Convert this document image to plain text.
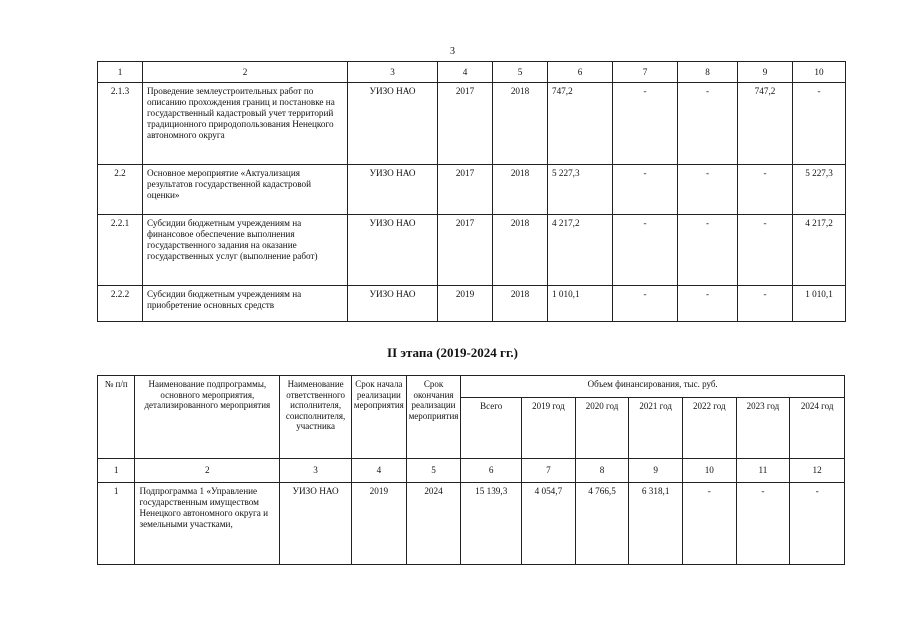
3
1	2	3	4	5	6	7	8	9	10
2.1.3	Проведение землеустроительных работ по описанию прохождения границ и постановке на государственный кадастровый учет территорий традиционного природопользования Ненецкого автономного округа	УИЗО НАО	2017	2018	747,2	-	-	747,2	-
2.2	Основное мероприятие «Актуализация результатов государственной кадастровой оценки»	УИЗО НАО	2017	2018	5 227,3	-	-	-	5 227,3
2.2.1	Субсидии бюджетным учреждениям на финансовое обеспечение выполнения государственного задания на оказание государственных услуг (выполнение работ)	УИЗО НАО	2017	2018	4 217,2	-	-	-	4 217,2
2.2.2	Субсидии бюджетным учреждениям на приобретение основных средств	УИЗО НАО	2019	2018	1 010,1	-	-	-	1 010,1
II этапа (2019-2024 гг.)
№ п/п	Наименование подпрограммы, основного мероприятия, детализированного мероприятия	Наименование ответственного исполнителя, соисполнителя, участника	Срок начала реализации мероприятия	Срок окончания реализации мероприятия	Объем финансирования, тыс. руб.						
					Всего	2019 год	2020 год	2021 год	2022 год	2023 год	2024 год
1	2	3	4	5	6	7	8	9	10	11	12
1	Подпрограмма 1 «Управление государственным имуществом Ненецкого автономного округа и земельными участками,	УИЗО НАО	2019	2024	15 139,3	4 054,7	4 766,5	6 318,1	-	-	-
